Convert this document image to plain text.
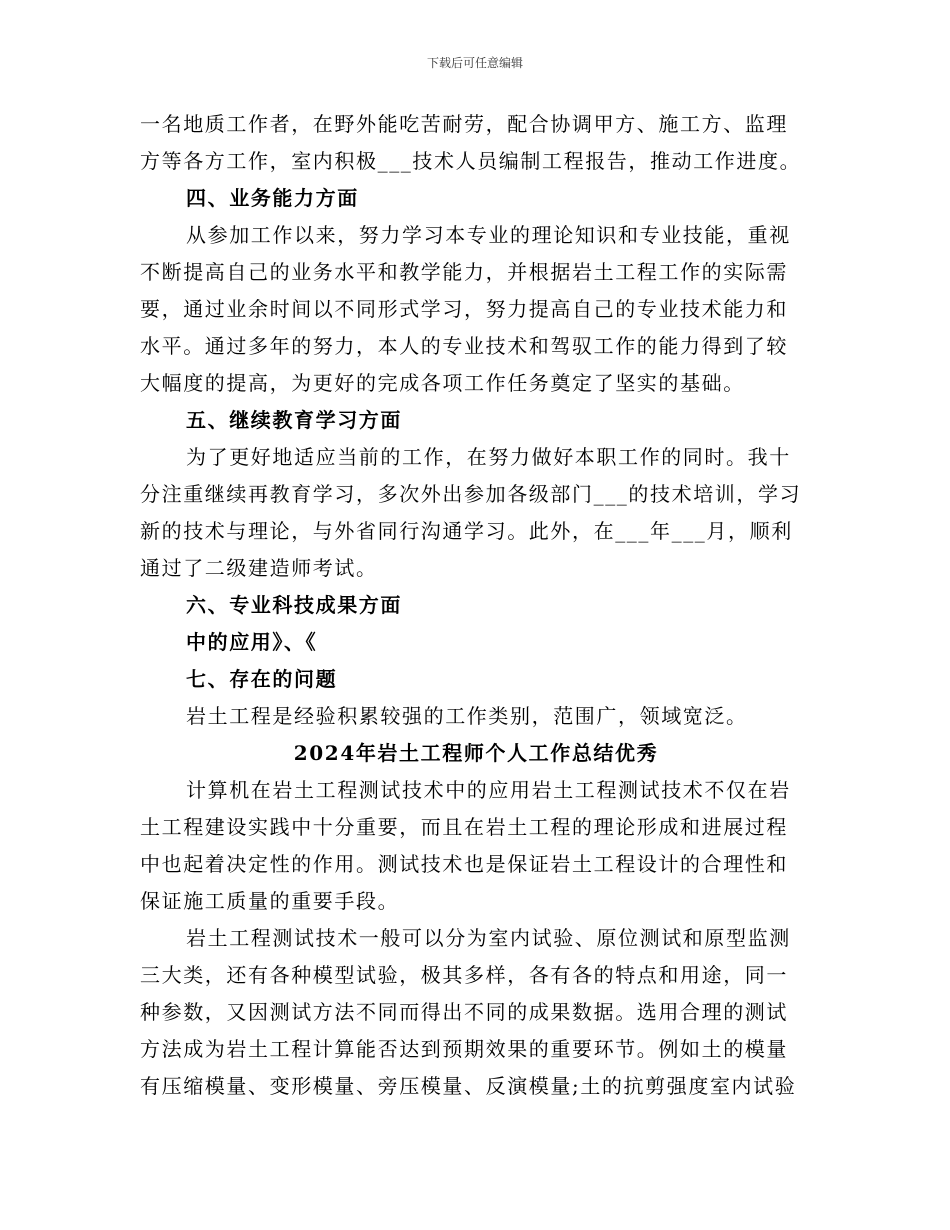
下载后可任意编辑
一名地质工作者，在野外能吃苦耐劳，配合协调甲方、施工方、监理
方等各方工作，室内积极___技术人员编制工程报告，推动工作进度。
四、业务能力方面
从参加工作以来，努力学习本专业的理论知识和专业技能，重视
不断提高自己的业务水平和教学能力，并根据岩土工程工作的实际需
要，通过业余时间以不同形式学习，努力提高自己的专业技术能力和
水平。通过多年的努力，本人的专业技术和驾驭工作的能力得到了较
大幅度的提高，为更好的完成各项工作任务奠定了坚实的基础。
五、继续教育学习方面
为了更好地适应当前的工作，在努力做好本职工作的同时。我十
分注重继续再教育学习，多次外出参加各级部门___的技术培训，学习
新的技术与理论，与外省同行沟通学习。此外，在___年___月，顺利
通过了二级建造师考试。
六、专业科技成果方面
中的应用》、《
七、存在的问题
岩土工程是经验积累较强的工作类别，范围广，领域宽泛。
2024年岩土工程师个人工作总结优秀
计算机在岩土工程测试技术中的应用岩土工程测试技术不仅在岩
土工程建设实践中十分重要，而且在岩土工程的理论形成和进展过程
中也起着决定性的作用。测试技术也是保证岩土工程设计的合理性和
保证施工质量的重要手段。
岩土工程测试技术一般可以分为室内试验、原位测试和原型监测
三大类，还有各种模型试验，极其多样，各有各的特点和用途，同一
种参数，又因测试方法不同而得出不同的成果数据。选用合理的测试
方法成为岩土工程计算能否达到预期效果的重要环节。例如土的模量
有压缩模量、变形模量、旁压模量、反演模量;土的抗剪强度室内试验
